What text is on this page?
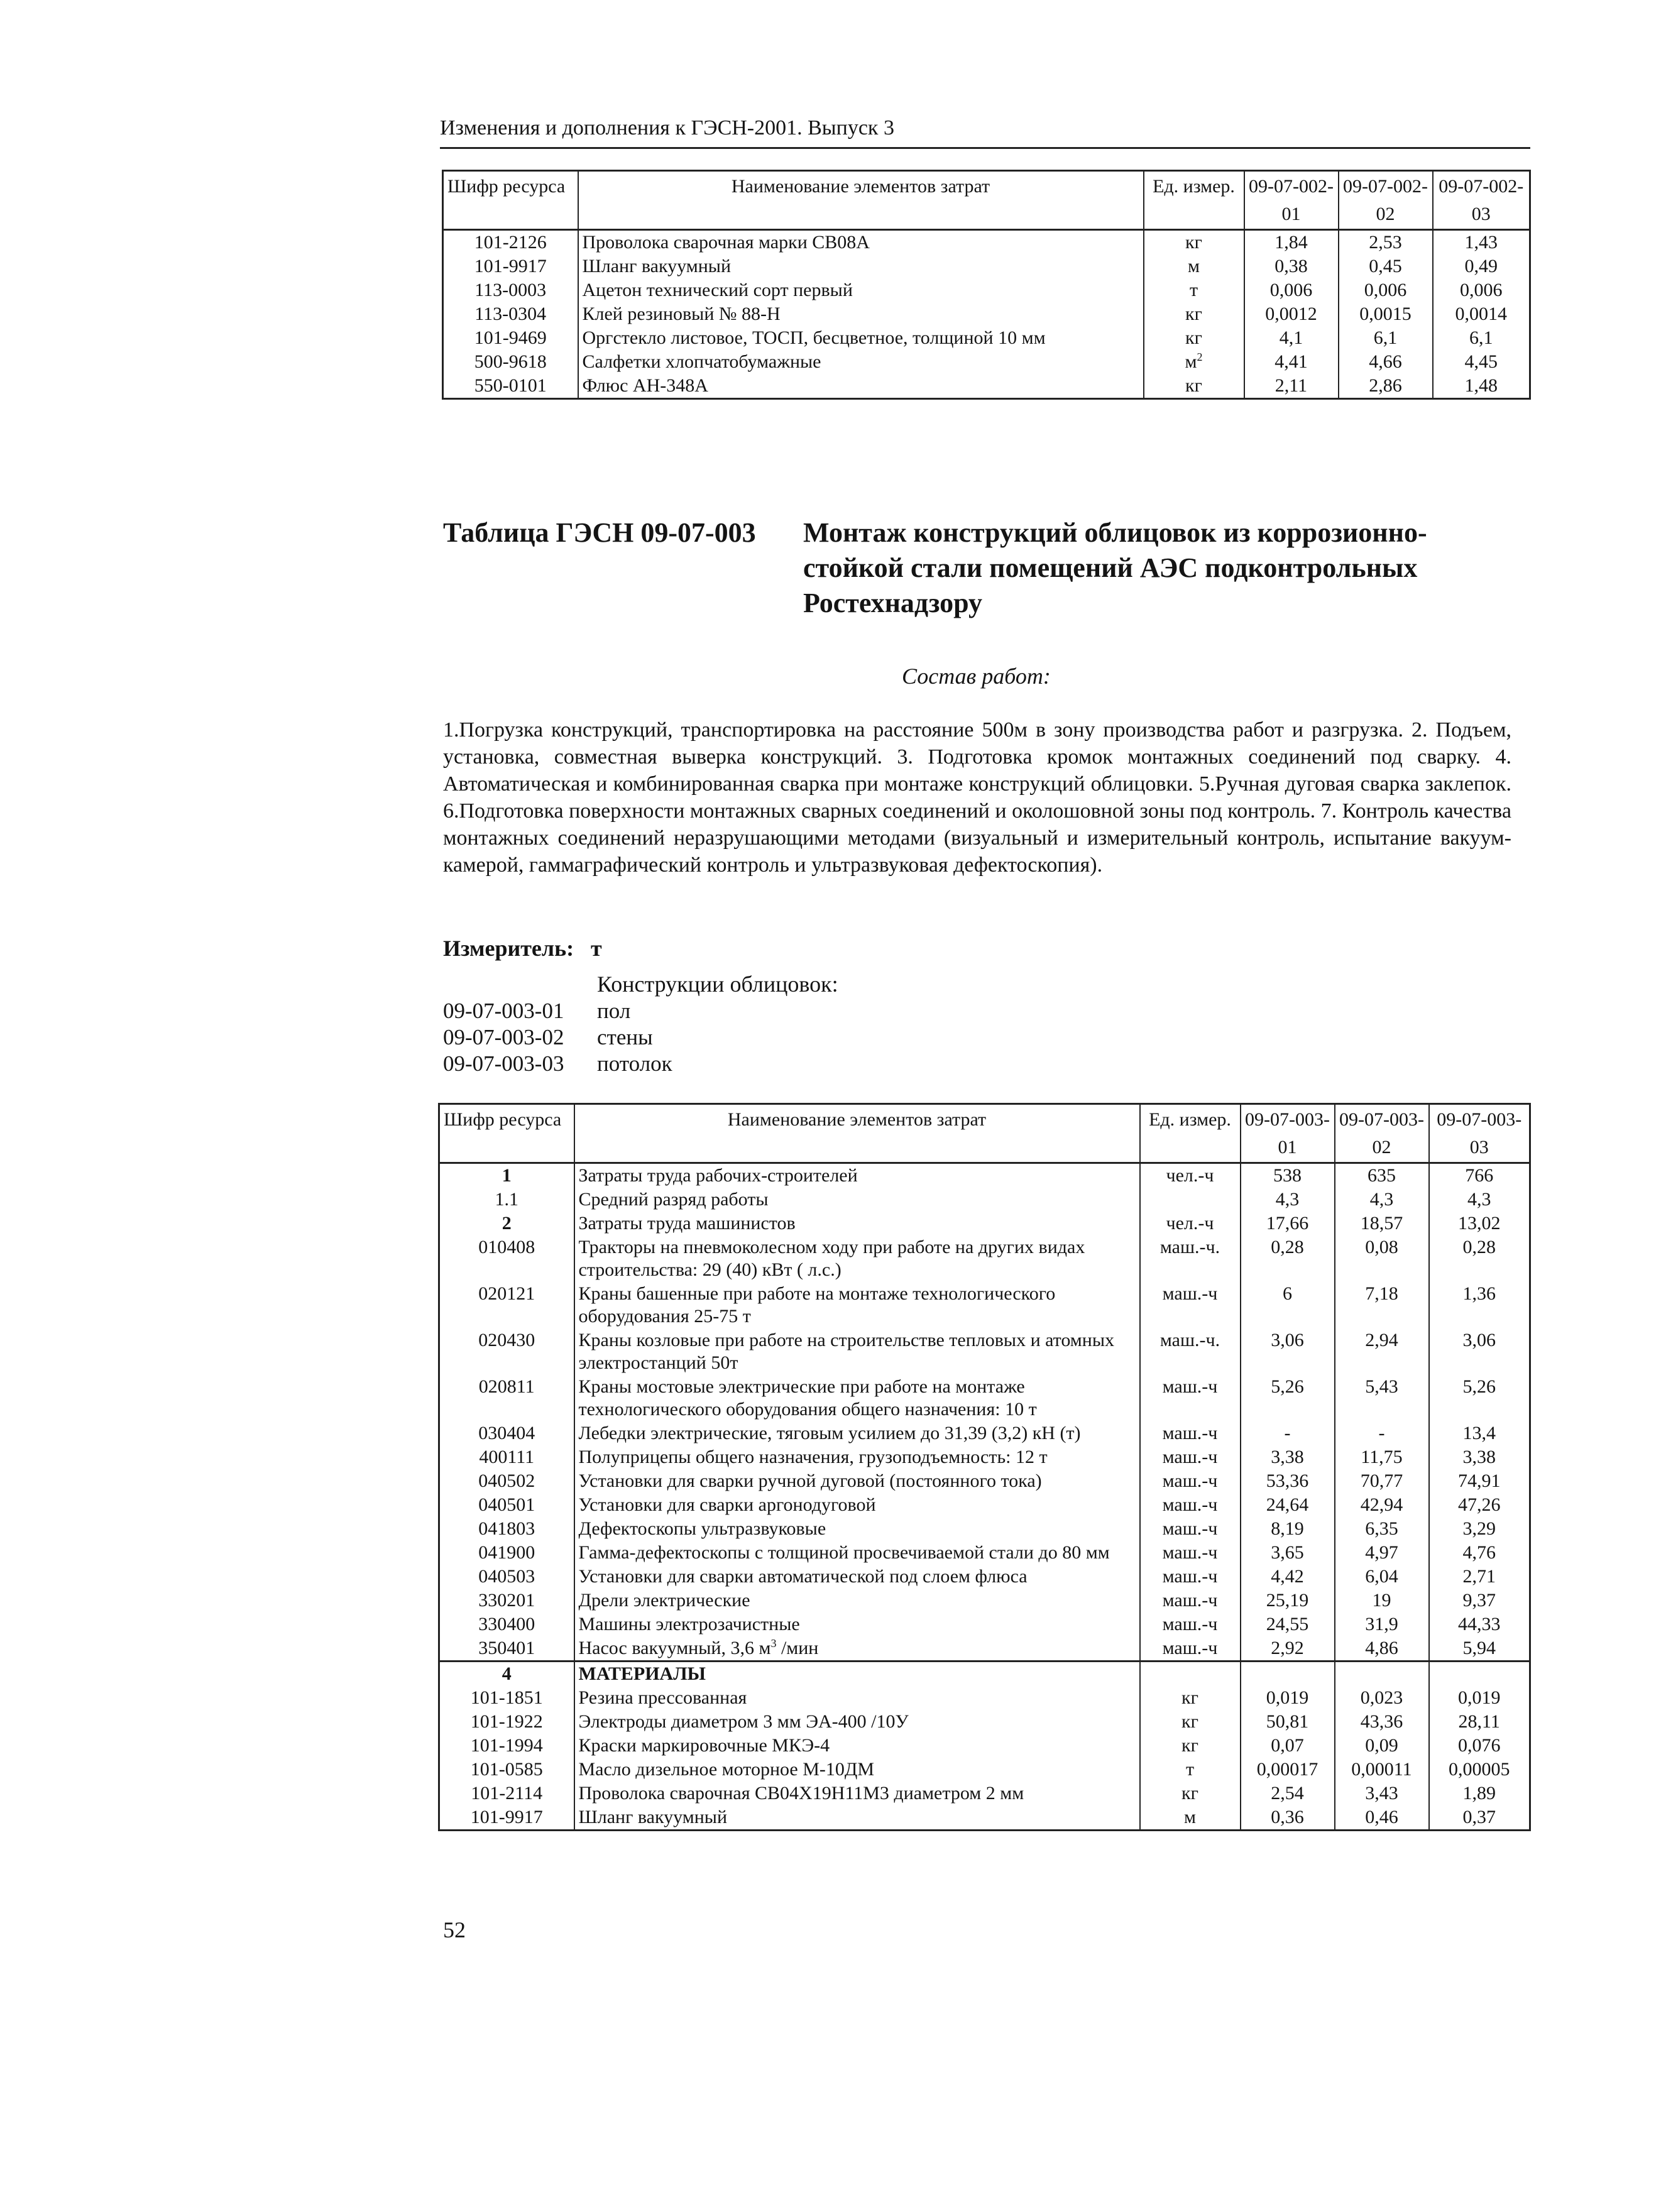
Изменения и дополнения к ГЭСН-2001. Выпуск 3
Шифр ресурса	Наименование элементов затрат	Ед. измер.	09-07-002-01	09-07-002-02	09-07-002-03
101-2126	Проволока сварочная марки СВ08А	кг	1,84	2,53	1,43
101-9917	Шланг вакуумный	м	0,38	0,45	0,49
113-0003	Ацетон технический сорт первый	т	0,006	0,006	0,006
113-0304	Клей резиновый № 88-Н	кг	0,0012	0,0015	0,0014
101-9469	Оргстекло листовое, ТОСП, бесцветное, толщиной 10 мм	кг	4,1	6,1	6,1
500-9618	Салфетки хлопчатобумажные	$м^2$	4,41	4,66	4,45
550-0101	Флюс АН-348А	кг	2,11	2,86	1,48
Таблица ГЭСН 09-07-003 Монтаж конструкций облицовок из коррозионно-стойкой стали помещений АЭС подконтрольных Ростехнадзору
Состав работ:
1.Погрузка конструкций, транспортировка на расстояние 500м в зону производства работ и разгрузка. 2. Подъем, установка, совместная выверка конструкций. 3. Подготовка кромок монтажных соединений под сварку. 4. Автоматическая и комбинированная сварка при монтаже конструкций облицовки. 5.Ручная дуговая сварка заклепок. 6.Подготовка поверхности монтажных сварных соединений и околошовной зоны под контроль. 7. Контроль качества монтажных соединений неразрушающими методами (визуальный и измерительный контроль, испытание вакуум-камерой, гаммаграфический контроль и ультразвуковая дефектоскопия).
Измеритель: т
Конструкции облицовок:
09-07-003-01	пол
09-07-003-02	стены
09-07-003-03	потолок
Шифр ресурса	Наименование элементов затрат	Ед. измер.	09-07-003-01	09-07-003-02	09-07-003-03
1	Затраты труда рабочих-строителей	чел.-ч	538	635	766
1.1	Средний разряд работы		4,3	4,3	4,3
2	Затраты труда машинистов	чел.-ч	17,66	18,57	13,02
010408	Тракторы на пневмоколесном ходу при работе на других видах строительства: 29 (40) кВт ( л.с.)	маш.-ч.	0,28	0,08	0,28
020121	Краны башенные при работе на монтаже технологического оборудования 25-75 т	маш.-ч	6	7,18	1,36
020430	Краны козловые при работе на строительстве тепловых и атомных электростанций 50т	маш.-ч.	3,06	2,94	3,06
020811	Краны мостовые электрические при работе на монтаже технологического оборудования общего назначения: 10 т	маш.-ч	5,26	5,43	5,26
030404	Лебедки электрические, тяговым усилием до 31,39 (3,2) кН (т)	маш.-ч	-	-	13,4
400111	Полуприцепы общего назначения, грузоподъемность: 12 т	маш.-ч	3,38	11,75	3,38
040502	Установки для сварки ручной дуговой (постоянного тока)	маш.-ч	53,36	70,77	74,91
040501	Установки для сварки аргонодуговой	маш.-ч	24,64	42,94	47,26
041803	Дефектоскопы ультразвуковые	маш.-ч	8,19	6,35	3,29
041900	Гамма-дефектоскопы с толщиной просвечиваемой стали до 80 мм	маш.-ч	3,65	4,97	4,76
040503	Установки для сварки автоматической под слоем флюса	маш.-ч	4,42	6,04	2,71
330201	Дрели электрические	маш.-ч	25,19	19	9,37
330400	Машины электрозачистные	маш.-ч	24,55	31,9	44,33
350401	Насос вакуумный, 3,6 $м^3$ /мин	маш.-ч	2,92	4,86	5,94
4	МАТЕРИАЛЫ				
101-1851	Резина прессованная	кг	0,019	0,023	0,019
101-1922	Электроды диаметром 3 мм ЭА-400 /10У	кг	50,81	43,36	28,11
101-1994	Краски маркировочные МКЭ-4	кг	0,07	0,09	0,076
101-0585	Масло дизельное моторное М-10ДМ	т	0,00017	0,00011	0,00005
101-2114	Проволока сварочная СВ04Х19Н11М3 диаметром 2 мм	кг	2,54	3,43	1,89
101-9917	Шланг вакуумный	м	0,36	0,46	0,37
52
